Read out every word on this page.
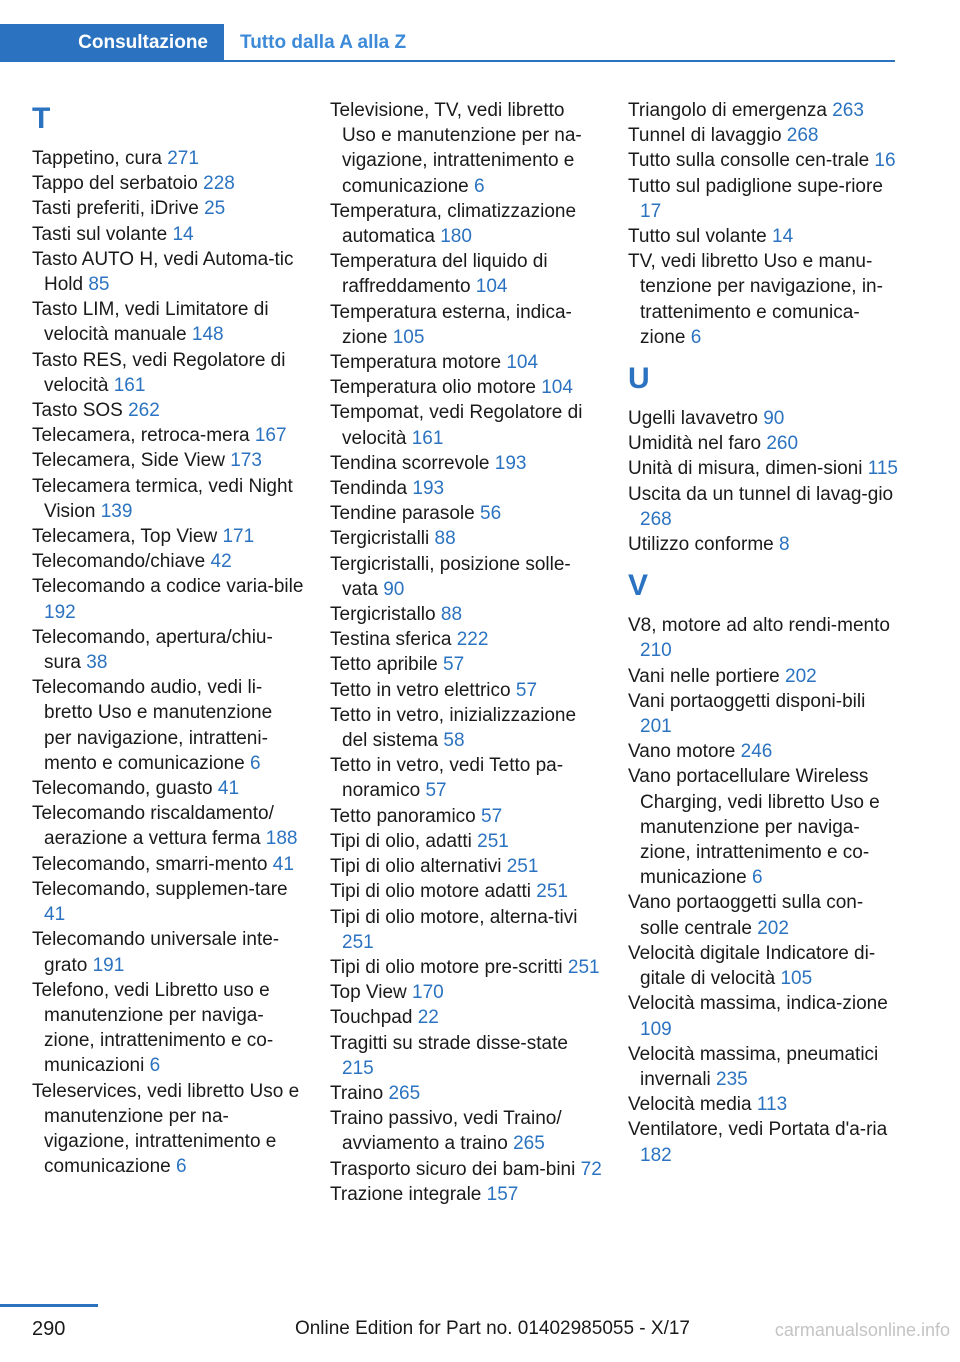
Consultazione	Tutto dalla A alla Z
T
Tappetino, cura 271
Tappo del serbatoio 228
Tasti preferiti, iDrive 25
Tasti sul volante 14
Tasto AUTO H, vedi Automa‐tic Hold 85
Tasto LIM, vedi Limitatore di velocità manuale 148
Tasto RES, vedi Regolatore di velocità 161
Tasto SOS 262
Telecamera, retroca‐mera 167
Telecamera, Side View 173
Telecamera termica, vedi Night Vision 139
Telecamera, Top View 171
Telecomando/chiave 42
Telecomando a codice varia‐bile 192
Telecomando, apertura/chiu‐sura 38
Telecomando audio, vedi li‐bretto Uso e manutenzione per navigazione, intratteni‐mento e comunicazione 6
Telecomando, guasto 41
Telecomando riscaldamento/ aerazione a vettura ferma 188
Telecomando, smarri‐mento 41
Telecomando, supplemen‐tare 41
Telecomando universale inte‐grato 191
Telefono, vedi Libretto uso e manutenzione per naviga‐zione, intrattenimento e co‐municazioni 6
Teleservices, vedi libretto Uso e manutenzione per na‐vigazione, intrattenimento e comunicazione 6
Televisione, TV, vedi libretto Uso e manutenzione per na‐vigazione, intrattenimento e comunicazione 6
Temperatura, climatizzazione automatica 180
Temperatura del liquido di raffreddamento 104
Temperatura esterna, indica‐zione 105
Temperatura motore 104
Temperatura olio motore 104
Tempomat, vedi Regolatore di velocità 161
Tendina scorrevole 193
Tendinda 193
Tendine parasole 56
Tergicristalli 88
Tergicristalli, posizione solle‐vata 90
Tergicristallo 88
Testina sferica 222
Tetto apribile 57
Tetto in vetro elettrico 57
Tetto in vetro, inizializzazione del sistema 58
Tetto in vetro, vedi Tetto pa‐noramico 57
Tetto panoramico 57
Tipi di olio, adatti 251
Tipi di olio alternativi 251
Tipi di olio motore adatti 251
Tipi di olio motore, alterna‐tivi 251
Tipi di olio motore pre‐scritti 251
Top View 170
Touchpad 22
Tragitti su strade disse‐state 215
Traino 265
Traino passivo, vedi Traino/ avviamento a traino 265
Trasporto sicuro dei bam‐bini 72
Trazione integrale 157
Triangolo di emergenza 263
Tunnel di lavaggio 268
Tutto sulla consolle cen‐trale 16
Tutto sul padiglione supe‐riore 17
Tutto sul volante 14
TV, vedi libretto Uso e manu‐tenzione per navigazione, in‐trattenimento e comunica‐zione 6
U
Ugelli lavavetro 90
Umidità nel faro 260
Unità di misura, dimen‐sioni 115
Uscita da un tunnel di lavag‐gio 268
Utilizzo conforme 8
V
V8, motore ad alto rendi‐mento 210
Vani nelle portiere 202
Vani portaoggetti disponi‐bili 201
Vano motore 246
Vano portacellulare Wireless Charging, vedi libretto Uso e manutenzione per naviga‐zione, intrattenimento e co‐municazione 6
Vano portaoggetti sulla con‐solle centrale 202
Velocità digitale Indicatore di‐gitale di velocità 105
Velocità massima, indica‐zione 109
Velocità massima, pneumatici invernali 235
Velocità media 113
Ventilatore, vedi Portata d'a‐ria 182
290	Online Edition for Part no. 01402985055 - X/17	carmanualsonline.info
